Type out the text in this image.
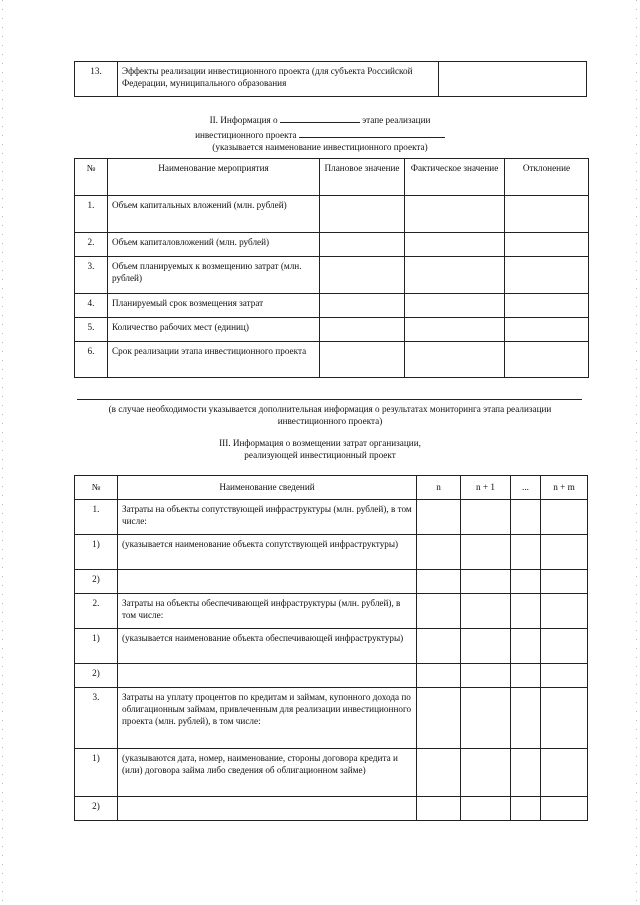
13.	Эффекты реализации инвестиционного проекта (для субъекта Российской Федерации, муниципального образования	
II. Информация о	этапе реализации
инвестиционного проекта
(указывается наименование инвестиционного проекта)
№	Наименование мероприятия	Плановое значение	Фактическое значение	Отклонение
1.	Объем капитальных вложений (млн. рублей)			
2.	Объем капиталовложений (млн. рублей)			
3.	Объем планируемых к возмещению затрат (млн. рублей)			
4.	Планируемый срок возмещения затрат			
5.	Количество рабочих мест (единиц)			
6.	Срок реализации этапа инвестиционного проекта			
(в случае необходимости указывается дополнительная информация о результатах мониторинга этапа реализации инвестиционного проекта)
III. Информация о возмещении затрат организации,
реализующей инвестиционный проект
№	Наименование сведений	n	n + 1	...	n + m
1.	Затраты на объекты сопутствующей инфраструктуры (млн. рублей), в том числе:				
1)	(указывается наименование объекта сопутствующей инфраструктуры)				
2)					
2.	Затраты на объекты обеспечивающей инфраструктуры (млн. рублей), в том числе:				
1)	(указывается наименование объекта обеспечивающей инфраструктуры)				
2)					
3.	Затраты на уплату процентов по кредитам и займам, купонного дохода по облигационным займам, привлеченным для реализации инвестиционного проекта (млн. рублей), в том числе:				
1)	(указываются дата, номер, наименование, стороны договора кредита и (или) договора займа либо сведения об облигационном займе)				
2)					
